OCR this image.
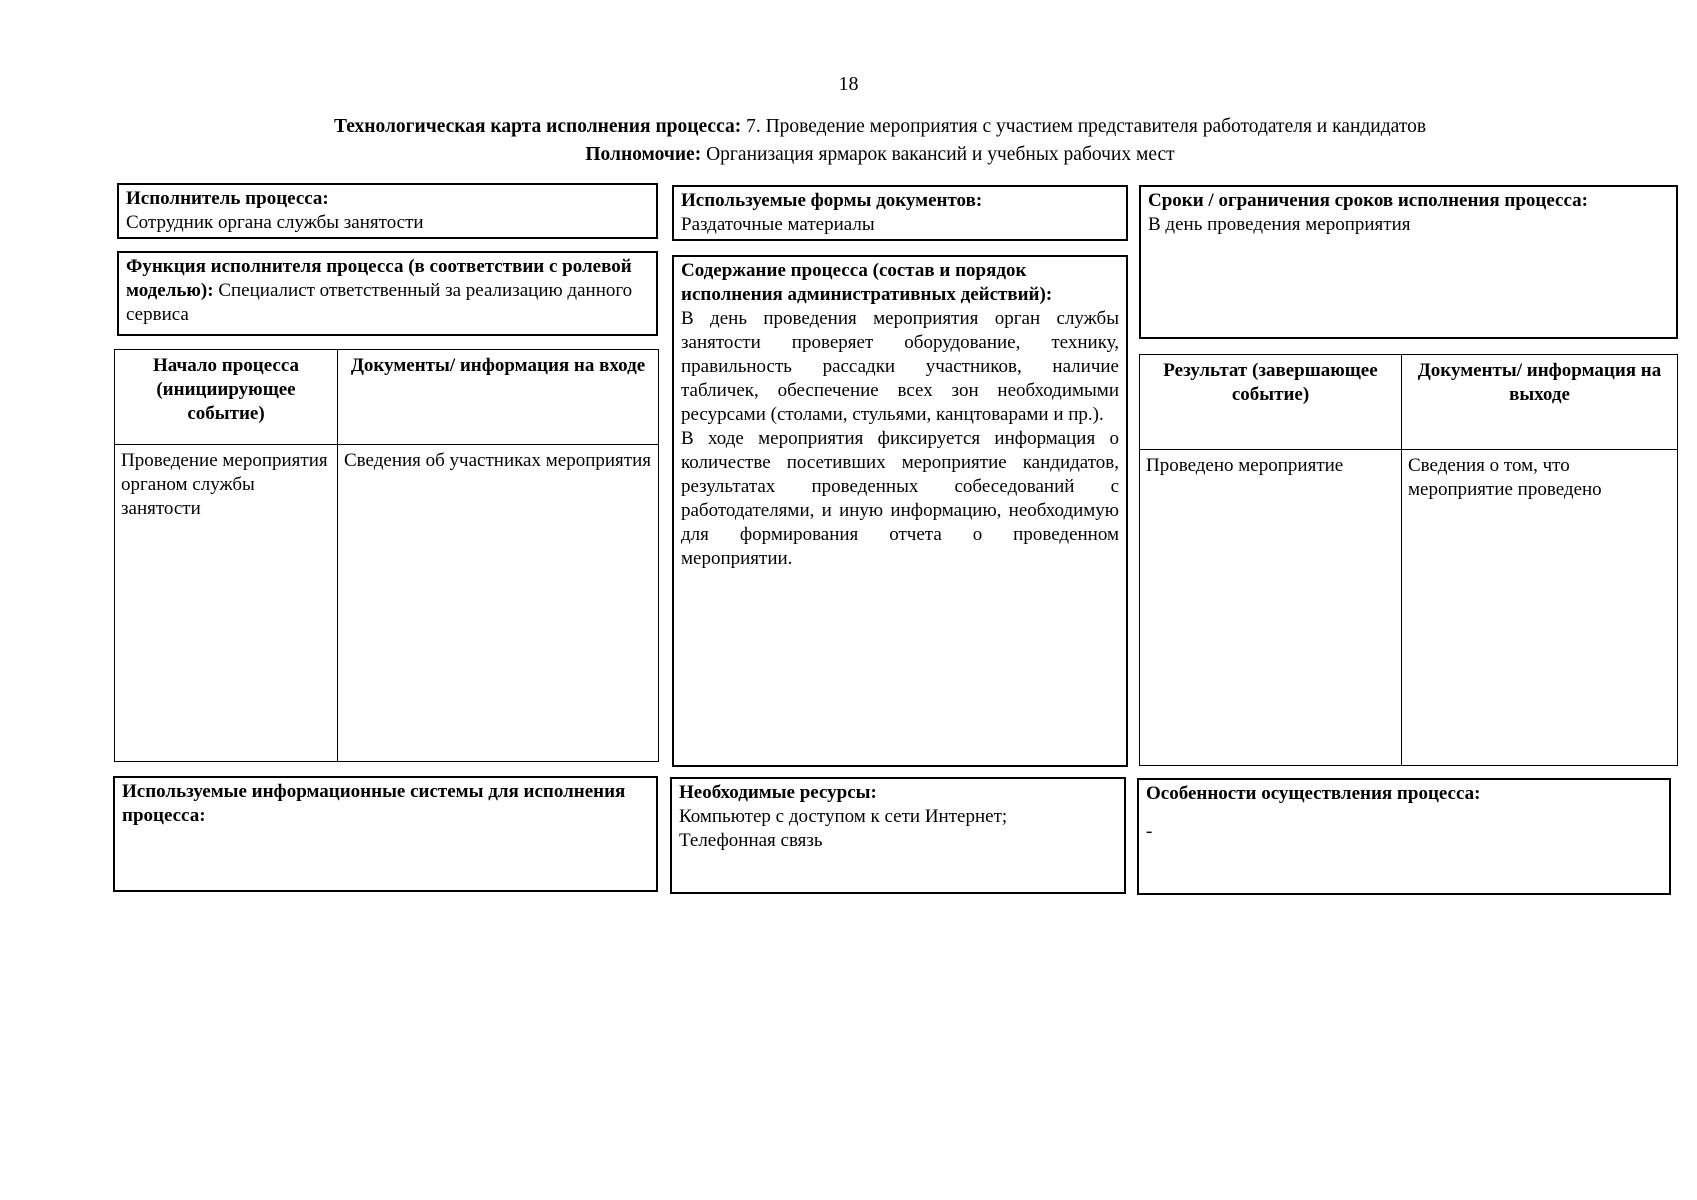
18
Технологическая карта исполнения процесса: 7. Проведение мероприятия с участием представителя работодателя и кандидатов
Полномочие: Организация ярмарок вакансий и учебных рабочих мест
Исполнитель процесса:
Сотрудник органа службы занятости
Используемые формы документов:
Раздаточные материалы
Сроки / ограничения сроков исполнения процесса:
В день проведения мероприятия
Функция исполнителя процесса (в соответствии с ролевой моделью): Специалист ответственный за реализацию данного сервиса
Содержание процесса (состав и порядок исполнения административных действий):
В день проведения мероприятия орган службы занятости проверяет оборудование, технику, правильность рассадки участников, наличие табличек, обеспечение всех зон необходимыми ресурсами (столами, стульями, канцтоварами и пр.).
В ходе мероприятия фиксируется информация о количестве посетивших мероприятие кандидатов, результатах проведенных собеседований с работодателями, и иную информацию, необходимую для формирования отчета о проведенном мероприятии.
Начало процесса (инициирующее событие)	Документы/ информация на входе
Проведение мероприятия органом службы занятости	Сведения об участниках мероприятия
Результат (завершающее событие)	Документы/ информация на выходе
Проведено мероприятие	Сведения о том, что мероприятие проведено
Используемые информационные системы для исполнения процесса:
Необходимые ресурсы:
Компьютер с доступом к сети Интернет;
Телефонная связь
Особенности осуществления процесса:
-
